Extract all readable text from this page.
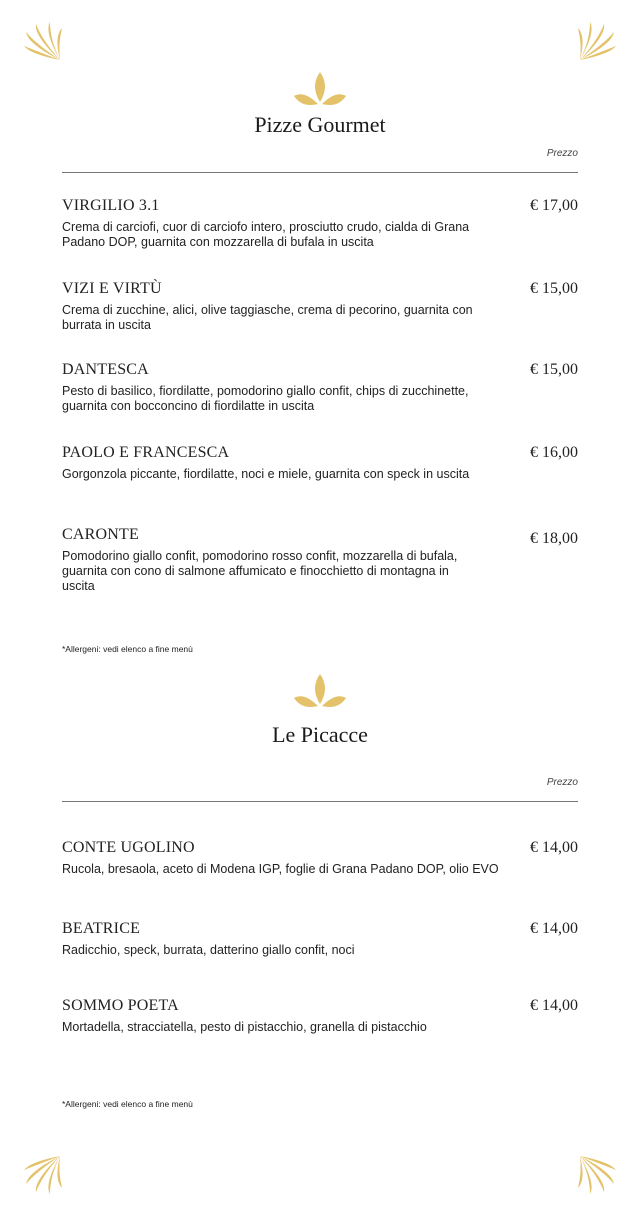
Pizze Gourmet
Prezzo
VIRGILIO 3.1	€ 17,00
Crema di carciofi, cuor di carciofo intero, prosciutto crudo, cialda di Grana Padano DOP, guarnita con mozzarella di bufala in uscita
VIZI E VIRTÙ	€ 15,00
Crema di zucchine, alici, olive taggiasche, crema di pecorino, guarnita con burrata in uscita
DANTESCA	€ 15,00
Pesto di basilico, fiordilatte, pomodorino giallo confit, chips di zucchinette, guarnita con bocconcino di fiordilatte in uscita
PAOLO E FRANCESCA	€ 16,00
Gorgonzola piccante, fiordilatte, noci e miele, guarnita con speck in uscita
CARONTE	€ 18,00
Pomodorino giallo confit, pomodorino rosso confit, mozzarella di bufala, guarnita con cono di salmone affumicato e finocchietto di montagna in uscita
*Allergeni: vedi elenco a fine menù
Le Picacce
Prezzo
CONTE UGOLINO	€ 14,00
Rucola, bresaola, aceto di Modena IGP, foglie di Grana Padano DOP, olio EVO
BEATRICE	€ 14,00
Radicchio, speck, burrata, datterino giallo confit, noci
SOMMO POETA	€ 14,00
Mortadella, stracciatella, pesto di pistacchio, granella di pistacchio
*Allergeni: vedi elenco a fine menù
